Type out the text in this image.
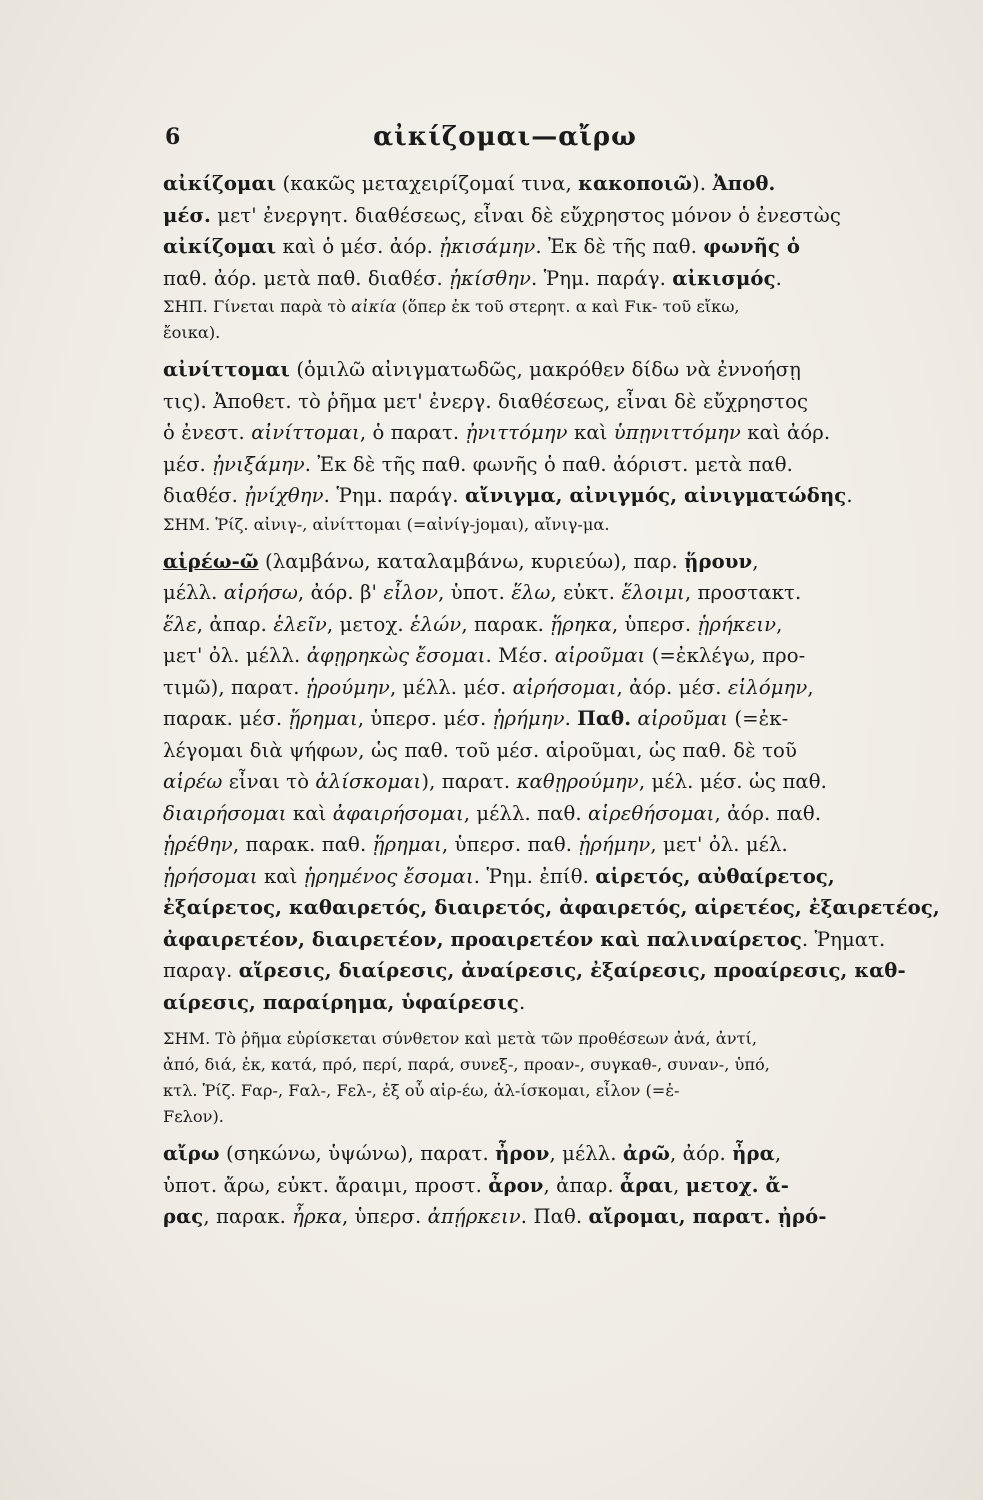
6	αἰκίζομαι—αἴρω
αἰκίζομαι (κακῶς μεταχειρίζομαί τινα, κακοποιῶ). Ἀποθ.
μέσ. μετ' ἐνεργητ. διαθέσεως, εἶναι δὲ εὔχρηστος μόνον ὁ ἐνεστὼς
αἰκίζομαι καὶ ὁ μέσ. ἀόρ. ᾐκισάμην. Ἐκ δὲ τῆς παθ. φωνῆς ὁ
παθ. ἀόρ. μετὰ παθ. διαθέσ. ᾐκίσθην. Ῥημ. παράγ. αἰκισμός.
ΣΗΠ. Γίνεται παρὰ τὸ αἰκία (ὅπερ ἐκ τοῦ στερητ. α καὶ Fικ- τοῦ εἴκω,
ἔοικα).
αἰνίττομαι (ὁμιλῶ αἰνιγματωδῶς, μακρόθεν δίδω νὰ ἐννοήσῃ
τις). Ἀποθετ. τὸ ῥῆμα μετ' ἐνεργ. διαθέσεως, εἶναι δὲ εὔχρηστος
ὁ ἐνεστ. αἰνίττομαι, ὁ παρατ. ᾐνιττόμην καὶ ὑπῃνιττόμην καὶ ἀόρ.
μέσ. ᾐνιξάμην. Ἐκ δὲ τῆς παθ. φωνῆς ὁ παθ. ἀόριστ. μετὰ παθ.
διαθέσ. ᾐνίχθην. Ῥημ. παράγ. αἴνιγμα, αἰνιγμός, αἰνιγματώδης.
ΣΗΜ. Ῥίζ. αἰνιγ-, αἰνίττομαι (=αἰνίγ-jομαι), αἴνιγ-μα.
αἱρέω-ῶ (λαμβάνω, καταλαμβάνω, κυριεύω), παρ. ᾕρουν,
μέλλ. αἱρήσω, ἀόρ. β' εἷλον, ὑποτ. ἕλω, εὐκτ. ἕλοιμι, προστακτ.
ἕλε, ἀπαρ. ἑλεῖν, μετοχ. ἑλών, παρακ. ᾕρηκα, ὑπερσ. ᾑρήκειν,
μετ' ὀλ. μέλλ. ἀφῃρηκὼς ἔσομαι. Μέσ. αἱροῦμαι (=ἐκλέγω, προ-
τιμῶ), παρατ. ᾑρούμην, μέλλ. μέσ. αἱρήσομαι, ἀόρ. μέσ. εἱλόμην,
παρακ. μέσ. ᾕρημαι, ὑπερσ. μέσ. ᾑρήμην. Παθ. αἱροῦμαι (=ἐκ-
λέγομαι διὰ ψήφων, ὡς παθ. τοῦ μέσ. αἱροῦμαι, ὡς παθ. δὲ τοῦ
αἱρέω εἶναι τὸ ἁλίσκομαι), παρατ. καθῃρούμην, μέλ. μέσ. ὡς παθ.
διαιρήσομαι καὶ ἀφαιρήσομαι, μέλλ. παθ. αἱρεθήσομαι, ἀόρ. παθ.
ᾑρέθην, παρακ. παθ. ᾕρημαι, ὑπερσ. παθ. ᾑρήμην, μετ' ὀλ. μέλ.
ᾑρήσομαι καὶ ᾑρημένος ἔσομαι. Ῥημ. ἐπίθ. αἱρετός, αὐθαίρετος,
ἐξαίρετος, καθαιρετός, διαιρετός, ἀφαιρετός, αἱρετέος, ἐξαιρετέος,
ἀφαιρετέον, διαιρετέον, προαιρετέον καὶ παλιναίρετος. Ῥηματ.
παραγ. αἵρεσις, διαίρεσις, ἀναίρεσις, ἐξαίρεσις, προαίρεσις, καθ-
αίρεσις, παραίρημα, ὑφαίρεσις.
ΣΗΜ. Τὸ ῥῆμα εὑρίσκεται σύνθετον καὶ μετὰ τῶν προθέσεων ἀνά, ἀντί,
ἀπό, διά, ἐκ, κατά, πρό, περί, παρά, συνεξ-, προαν-, συγκαθ-, συναν-, ὑπό,
κτλ. Ῥίζ. Fαρ-, Fαλ-, Fελ-, ἐξ οὗ αἱρ-έω, ἁλ-ίσκομαι, εἷλον (=ἐ-
Fελον).
αἴρω (σηκώνω, ὑψώνω), παρατ. ἦρον, μέλλ. ἀρῶ, ἀόρ. ἦρα,
ὑποτ. ἄρω, εὐκτ. ἄραιμι, προστ. ἆρον, ἀπαρ. ἆραι, μετοχ. ἄ-
ρας, παρακ. ἦρκα, ὑπερσ. ἀπῄρκειν. Παθ. αἴρομαι, παρατ. ᾐρό-
